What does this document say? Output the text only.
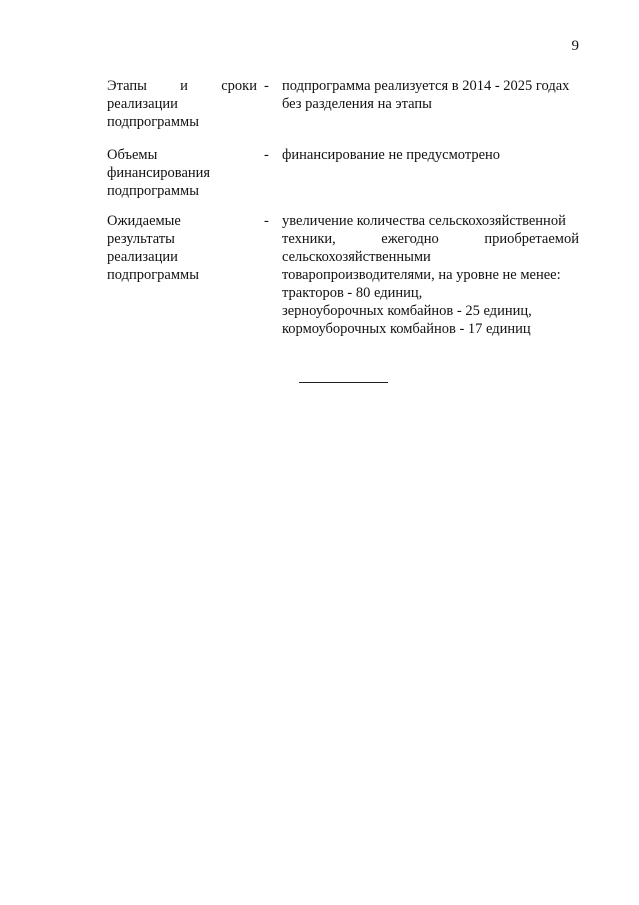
9
Этапы и сроки
реализации
подпрограммы
- подпрограмма реализуется в 2014 - 2025 годах
без разделения на этапы
Объемы
финансирования
подпрограммы
- финансирование не предусмотрено
Ожидаемые
результаты
реализации
подпрограммы
- увеличение количества сельскохозяйственной
техники,	ежегодно	приобретаемой
сельскохозяйственными
товаропроизводителями, на уровне не менее:
тракторов - 80 единиц,
зерноуборочных комбайнов - 25 единиц,
кормоуборочных комбайнов - 17 единиц
